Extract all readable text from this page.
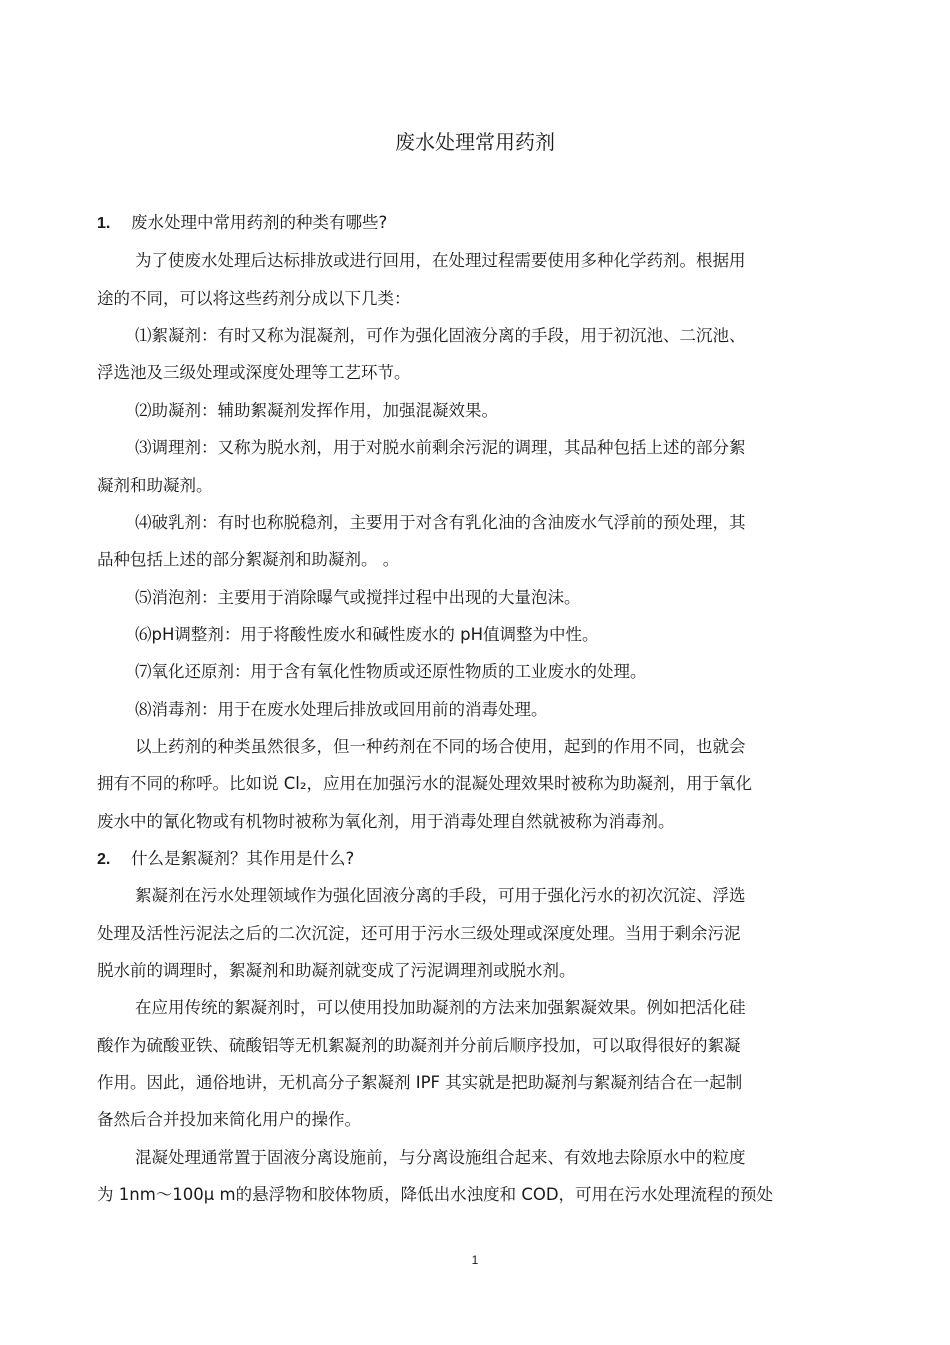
废水处理常用药剂
1. 废水处理中常用药剂的种类有哪些?
为了使废水处理后达标排放或进行回用，在处理过程需要使用多种化学药剂。根据用
途的不同，可以将这些药剂分成以下几类：
⑴絮凝剂：有时又称为混凝剂，可作为强化固液分离的手段，用于初沉池、二沉池、
浮选池及三级处理或深度处理等工艺环节。
⑵助凝剂：辅助絮凝剂发挥作用，加强混凝效果。
⑶调理剂：又称为脱水剂，用于对脱水前剩余污泥的调理，其品种包括上述的部分絮
凝剂和助凝剂。
⑷破乳剂：有时也称脱稳剂，主要用于对含有乳化油的含油废水气浮前的预处理，其
品种包括上述的部分絮凝剂和助凝剂。 。
⑸消泡剂：主要用于消除曝气或搅拌过程中出现的大量泡沫。
⑹pH调整剂：用于将酸性废水和碱性废水的 pH值调整为中性。
⑺氧化还原剂：用于含有氧化性物质或还原性物质的工业废水的处理。
⑻消毒剂：用于在废水处理后排放或回用前的消毒处理。
以上药剂的种类虽然很多，但一种药剂在不同的场合使用，起到的作用不同，也就会
拥有不同的称呼。比如说 Cl₂，应用在加强污水的混凝处理效果时被称为助凝剂，用于氧化
废水中的氰化物或有机物时被称为氧化剂，用于消毒处理自然就被称为消毒剂。
2. 什么是絮凝剂？其作用是什么?
絮凝剂在污水处理领域作为强化固液分离的手段，可用于强化污水的初次沉淀、浮选
处理及活性污泥法之后的二次沉淀，还可用于污水三级处理或深度处理。当用于剩余污泥
脱水前的调理时，絮凝剂和助凝剂就变成了污泥调理剂或脱水剂。
在应用传统的絮凝剂时，可以使用投加助凝剂的方法来加强絮凝效果。例如把活化硅
酸作为硫酸亚铁、硫酸铝等无机絮凝剂的助凝剂并分前后顺序投加，可以取得很好的絮凝
作用。因此，通俗地讲，无机高分子絮凝剂 IPF 其实就是把助凝剂与絮凝剂结合在一起制
备然后合并投加来简化用户的操作。
混凝处理通常置于固液分离设施前，与分离设施组合起来、有效地去除原水中的粒度
为 1nm～100μ m的悬浮物和胶体物质，降低出水浊度和 COD，可用在污水处理流程的预处
1
